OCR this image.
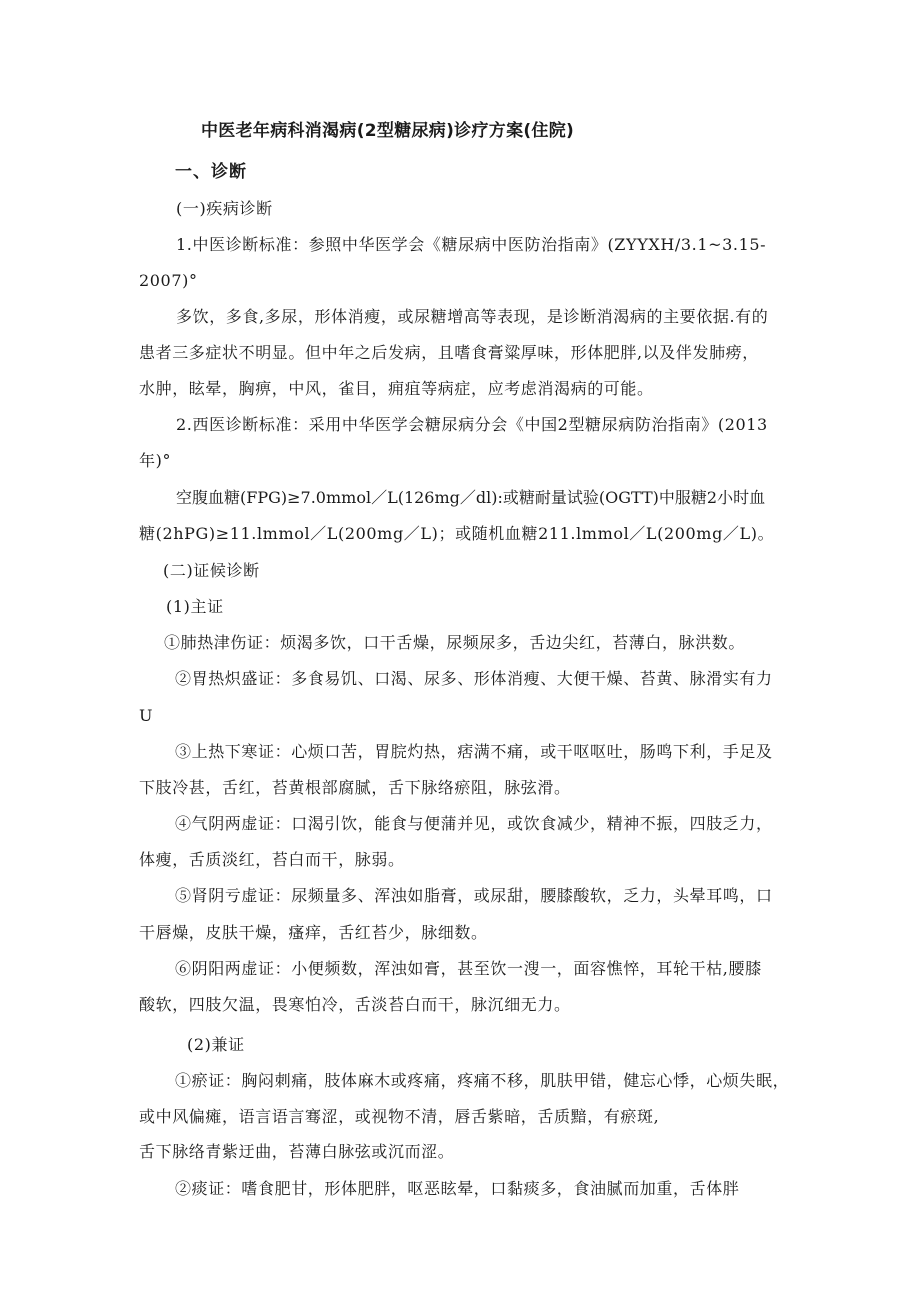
中医老年病科消渴病(2型糖尿病)诊疗方案(住院)
一、诊断
(一)疾病诊断
1.中医诊断标准：参照中华医学会《糖尿病中医防治指南》(ZYYXH/3.1~3.15-
2007)°
多饮，多食,多尿，形体消瘦，或尿糖增高等表现，是诊断消渴病的主要依据.有的
患者三多症状不明显。但中年之后发病，且嗜食膏粱厚味，形体肥胖,以及伴发肺痨，
水肿，眩晕，胸痹，中风，雀目，痈疽等病症，应考虑消渴病的可能。
2.西医诊断标准：采用中华医学会糖尿病分会《中国2型糖尿病防治指南》(2013
年)°
空腹血糖(FPG)≥7.0mmol／L(126mg／dl):或糖耐量试验(OGTT)中服糖2小时血
糖(2hPG)≥11.lmmol／L(200mg／L)；或随机血糖211.lmmol／L(200mg／L)。
(二)证候诊断
(1)主证
①肺热津伤证：烦渴多饮，口干舌燥，尿频尿多，舌边尖红，苔薄白，脉洪数。
②胃热炽盛证：多食易饥、口渴、尿多、形体消瘦、大便干燥、苔黄、脉滑实有力
U
③上热下寒证：心烦口苦，胃脘灼热，痞满不痛，或干呕呕吐，肠鸣下利，手足及
下肢冷甚，舌红，苔黄根部腐腻，舌下脉络瘀阻，脉弦滑。
④气阴两虚证：口渴引饮，能食与便蒲并见，或饮食减少，精神不振，四肢乏力，
体瘦，舌质淡红，苔白而干，脉弱。
⑤肾阴亏虚证：尿频量多、浑浊如脂膏，或尿甜，腰膝酸软，乏力，头晕耳鸣，口
干唇燥，皮肤干燥，瘙痒，舌红苔少，脉细数。
⑥阴阳两虚证：小便频数，浑浊如膏，甚至饮一溲一，面容憔悴，耳轮干枯,腰膝
酸软，四肢欠温，畏寒怕冷，舌淡苔白而干，脉沉细无力。
(2)兼证
①瘀证：胸闷刺痛，肢体麻木或疼痛，疼痛不移，肌肤甲错，健忘心悸，心烦失眠，
或中风偏瘫，语言语言骞涩，或视物不清，唇舌紫暗，舌质黯，有瘀斑,
舌下脉络青紫迂曲，苔薄白脉弦或沉而涩。
②痰证：嗜食肥甘，形体肥胖，呕恶眩晕，口黏痰多，食油腻而加重，舌体胖
